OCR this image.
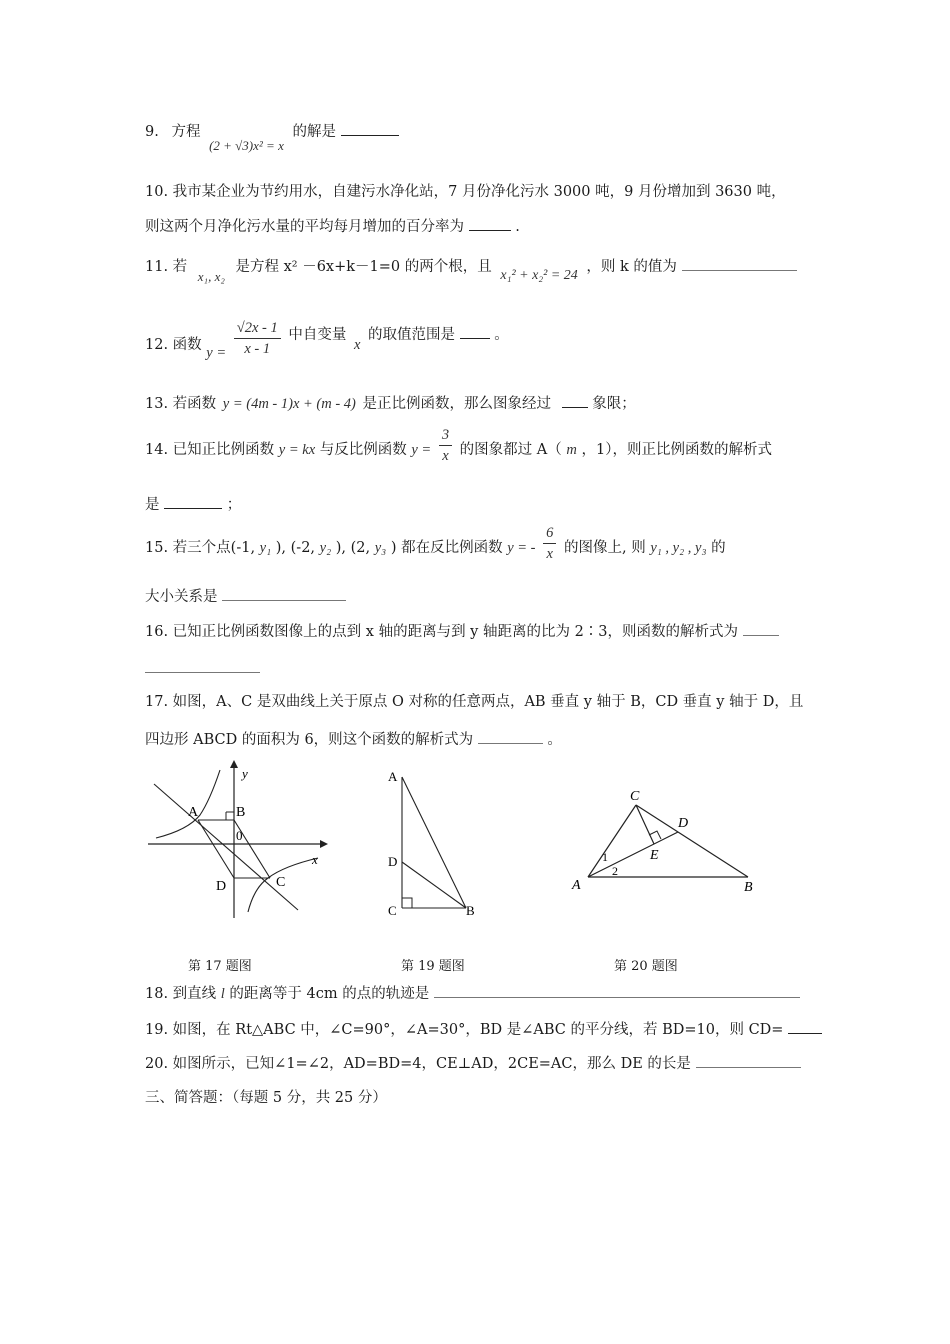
9. 方程 (2 + √3)x² = x 的解是
10. 我市某企业为节约用水，自建污水净化站，7 月份净化污水 3000 吨，9 月份增加到 3630 吨，
则这两个月净化污水量的平均每月增加的百分率为	.
11. 若 x₁, x₂ 是方程 x² －6x+k－1=0 的两个根，且 x₁² + x₂² = 24 ，则 k 的值为
12. 函数 $y = \frac{√2x - 1}{x - 1}$ 中自变量 x 的取值范围是	。
13. 若函数 y = (4m - 1)x + (m - 4) 是正比例函数，那么图象经过	象限；
14. 已知正比例函数 y = kx 与反比例函数 $y = \frac{3}{x}$ 的图象都过 A（ m ，1），则正比例函数的解析式
是	；
15. 若三个点(-1, y₁ ), (-2, y₂ ), (2, y₃ ) 都在反比例函数 y = - $\frac{6}{x}$ 的图像上, 则 y₁ , y₂ , y₃ 的
大小关系是
16. 已知正比例函数图像上的点到 x 轴的距离与到 y 轴距离的比为 2∶3，则函数的解析式为
17. 如图，A、C 是双曲线上关于原点 O 对称的任意两点，AB 垂直 y 轴于 B，CD 垂直 y 轴于 D，且
四边形 ABCD 的面积为 6，则这个函数的解析式为	。
A	B
0
D	C
x
y
第 17 题图
A
D
C	B
第 19 题图
C
D
E
A	B
1
2
第 20 题图
18. 到直线 l 的距离等于 4cm 的点的轨迹是
19. 如图，在 Rt△ABC 中，∠C=90°，∠A=30°，BD 是∠ABC 的平分线，若 BD=10，则 CD=
20. 如图所示，已知∠1=∠2，AD=BD=4，CE⊥AD，2CE=AC，那么 DE 的长是
三、简答题：（每题 5 分，共 25 分）
